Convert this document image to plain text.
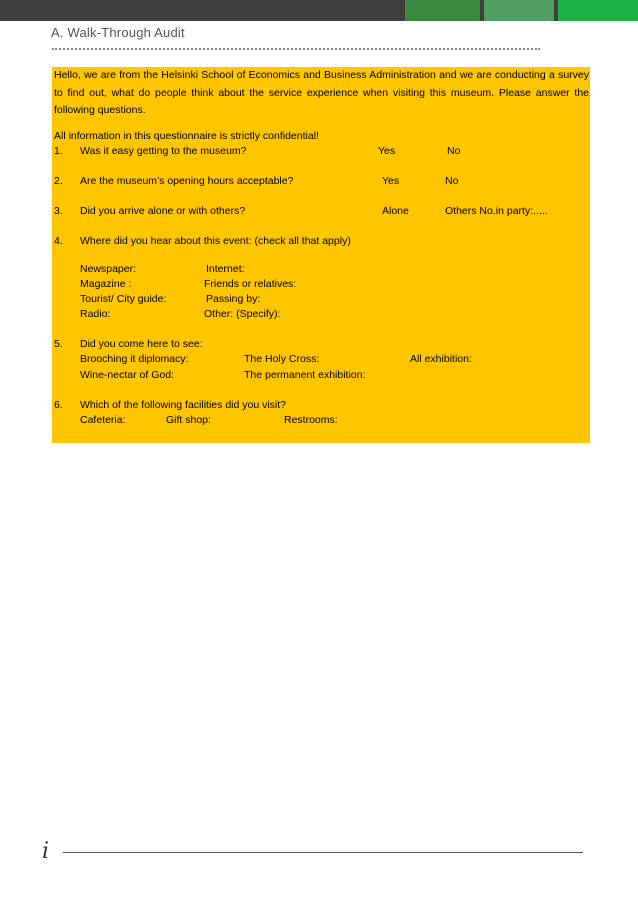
A. Walk-Through Audit
Hello, we are from the Helsinki School of Economics and Business Administration and we are conducting a survey to find out, what do people think about the service experience when visiting this museum. Please answer the following questions.
All information in this questionnaire is strictly confidential!
1. Was it easy getting to the museum?	Yes	No
2. Are the museum’s opening hours acceptable?	Yes	No
3. Did you arrive alone or with others?	Alone	Others No.in party:.....
4. Where did you hear about this event: (check all that apply)
Newspaper:	Internet:
Magazine :	Friends or relatives:
Tourist/ City guide:	Passing by:
Radio:	Other: (Specify):
5. Did you come here to see:
Brooching it diplomacy:	The Holy Cross:	All exhibition:
Wine-nectar of God:	The permanent exhibition:
6. Which of the following facilities did you visit?
Cafeteria:	Gift shop:	Restrooms:
i
